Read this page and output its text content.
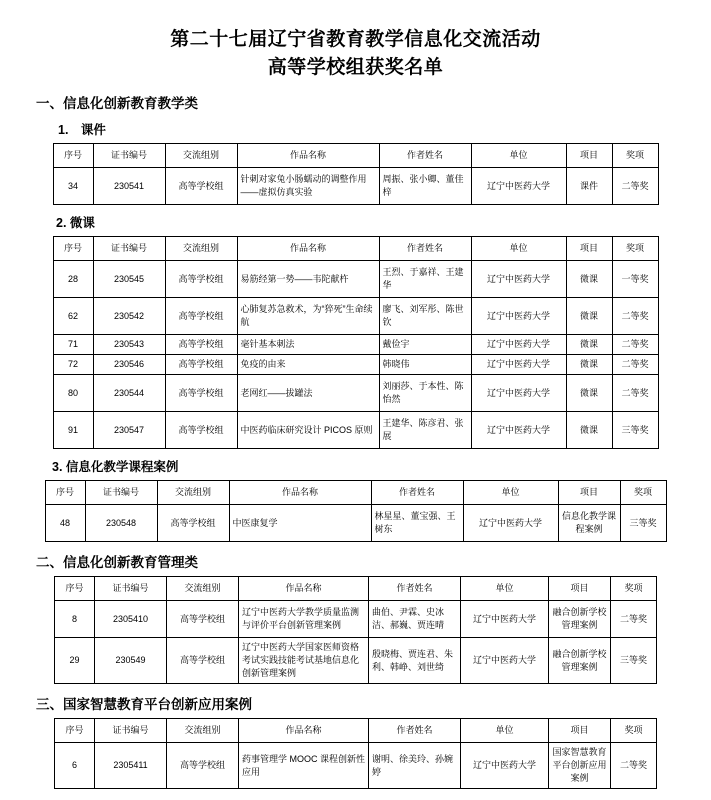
第二十七届辽宁省教育教学信息化交流活动
高等学校组获奖名单
一、信息化创新教育教学类
1.　课件
序号	证书编号	交流组别	作品名称	作者姓名	单位	项目	奖项
34	230541	高等学校组	针刺对家兔小肠蠕动的调整作用——虚拟仿真实验	周振、张小卿、董佳梓	辽宁中医药大学	课件	二等奖
2. 微课
序号	证书编号	交流组别	作品名称	作者姓名	单位	项目	奖项
28	230545	高等学校组	易筋经第一势——韦陀献杵	王烈、于嘉祥、王建华	辽宁中医药大学	微课	一等奖
62	230542	高等学校组	心肺复苏急救术，为“猝死”生命续航	廖飞、刘军彤、陈世钦	辽宁中医药大学	微课	二等奖
71	230543	高等学校组	毫针基本刺法	戴俭宇	辽宁中医药大学	微课	二等奖
72	230546	高等学校组	免疫的由来	韩晓伟	辽宁中医药大学	微课	二等奖
80	230544	高等学校组	老网红——拔罐法	刘丽莎、于本性、陈怡然	辽宁中医药大学	微课	二等奖
91	230547	高等学校组	中医药临床研究设计 PICOS 原则	王建华、陈彦君、张展	辽宁中医药大学	微课	三等奖
3. 信息化教学课程案例
序号	证书编号	交流组别	作品名称	作者姓名	单位	项目	奖项
48	230548	高等学校组	中医康复学	林星星、董宝强、王树东	辽宁中医药大学	信息化教学课程案例	三等奖
二、信息化创新教育管理类
序号	证书编号	交流组别	作品名称	作者姓名	单位	项目	奖项
8	2305410	高等学校组	辽宁中医药大学教学质量监测与评价平台创新管理案例	曲伯、尹霖、史冰洁、郝巍、贾连晴	辽宁中医药大学	融合创新学校管理案例	二等奖
29	230549	高等学校组	辽宁中医药大学国家医师资格考试实践技能考试基地信息化创新管理案例	殷晓梅、贾连君、朱利、韩峥、刘世绮	辽宁中医药大学	融合创新学校管理案例	三等奖
三、国家智慧教育平台创新应用案例
序号	证书编号	交流组别	作品名称	作者姓名	单位	项目	奖项
6	2305411	高等学校组	药事管理学 MOOC 课程创新性应用	谢明、徐美玲、孙婉婷	辽宁中医药大学	国家智慧教育平台创新应用案例	二等奖
